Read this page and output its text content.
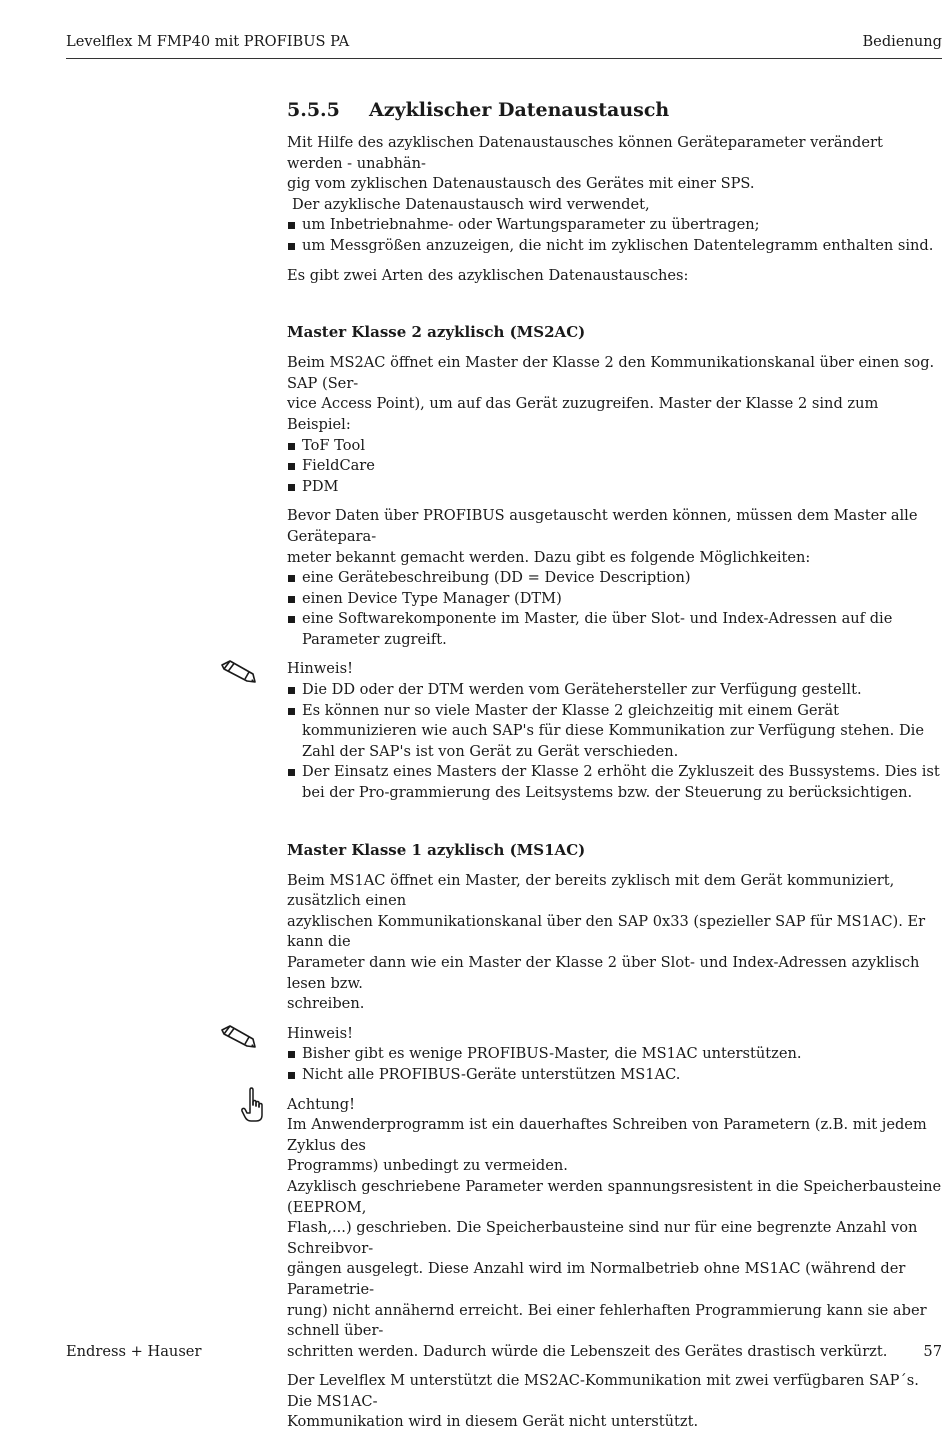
Levelflex M FMP40 mit PROFIBUS PA	Bedienung
5.5.5	Azyklischer Datenaustausch

Mit Hilfe des azyklischen Datenaustausches können Geräteparameter verändert werden - unabhän-

gig vom zyklischen Datenaustausch des Gerätes mit einer SPS.

Der azyklische Datenaustausch wird verwendet,

um Inbetriebnahme- oder Wartungsparameter zu übertragen;
um Messgrößen anzuzeigen, die nicht im zyklischen Datentelegramm enthalten sind.

Es gibt zwei Arten des azyklischen Datenaustausches:

Master Klasse 2 azyklisch (MS2AC)

Beim MS2AC öffnet ein Master der Klasse 2 den Kommunikationskanal über einen sog. SAP (Ser-

vice Access Point), um auf das Gerät zuzugreifen. Master der Klasse 2 sind zum Beispiel:

ToF Tool
FieldCare
PDM

Bevor Daten über PROFIBUS ausgetauscht werden können, müssen dem Master alle Gerätepara-

meter bekannt gemacht werden. Dazu gibt es folgende Möglichkeiten:

eine Gerätebeschreibung (DD = Device Description)
einen Device Type Manager (DTM)
eine Softwarekomponente im Master, die über Slot- und Index-Adressen auf die Parameter zugreift.

Hinweis!

Die DD oder der DTM werden vom Gerätehersteller zur Verfügung gestellt.
Es können nur so viele Master der Klasse 2 gleichzeitig mit einem Gerät kommunizieren wie auch SAP's für diese Kommunikation zur Verfügung stehen. Die Zahl der SAP's ist von Gerät zu Gerät verschieden.
Der Einsatz eines Masters der Klasse 2 erhöht die Zykluszeit des Bussystems. Dies ist bei der Pro-grammierung des Leitsystems bzw. der Steuerung zu berücksichtigen.
Master Klasse 1 azyklisch (MS1AC)

Beim MS1AC öffnet ein Master, der bereits zyklisch mit dem Gerät kommuniziert, zusätzlich einen

azyklischen Kommunikationskanal über den SAP 0x33 (spezieller SAP für MS1AC). Er kann die

Parameter dann wie ein Master der Klasse 2 über Slot- und Index-Adressen azyklisch lesen bzw.

schreiben.

Hinweis!

Bisher gibt es wenige PROFIBUS-Master, die MS1AC unterstützen.
Nicht alle PROFIBUS-Geräte unterstützen MS1AC.

Achtung!

Im Anwenderprogramm ist ein dauerhaftes Schreiben von Parametern (z.B. mit jedem Zyklus des

Programms) unbedingt zu vermeiden.

Azyklisch geschriebene Parameter werden spannungsresistent in die Speicherbausteine (EEPROM,

Flash,...) geschrieben. Die Speicherbausteine sind nur für eine begrenzte Anzahl von Schreibvor-

gängen ausgelegt. Diese Anzahl wird im Normalbetrieb ohne MS1AC (während der Parametrie-

rung) nicht annähernd erreicht. Bei einer fehlerhaften Programmierung kann sie aber schnell über-

schritten werden. Dadurch würde die Lebenszeit des Gerätes drastisch verkürzt.

Der Levelflex M unterstützt die MS2AC-Kommunikation mit zwei verfügbaren SAP´s. Die MS1AC-

Kommunikation wird in diesem Gerät nicht unterstützt.

Endress + Hauser	57
